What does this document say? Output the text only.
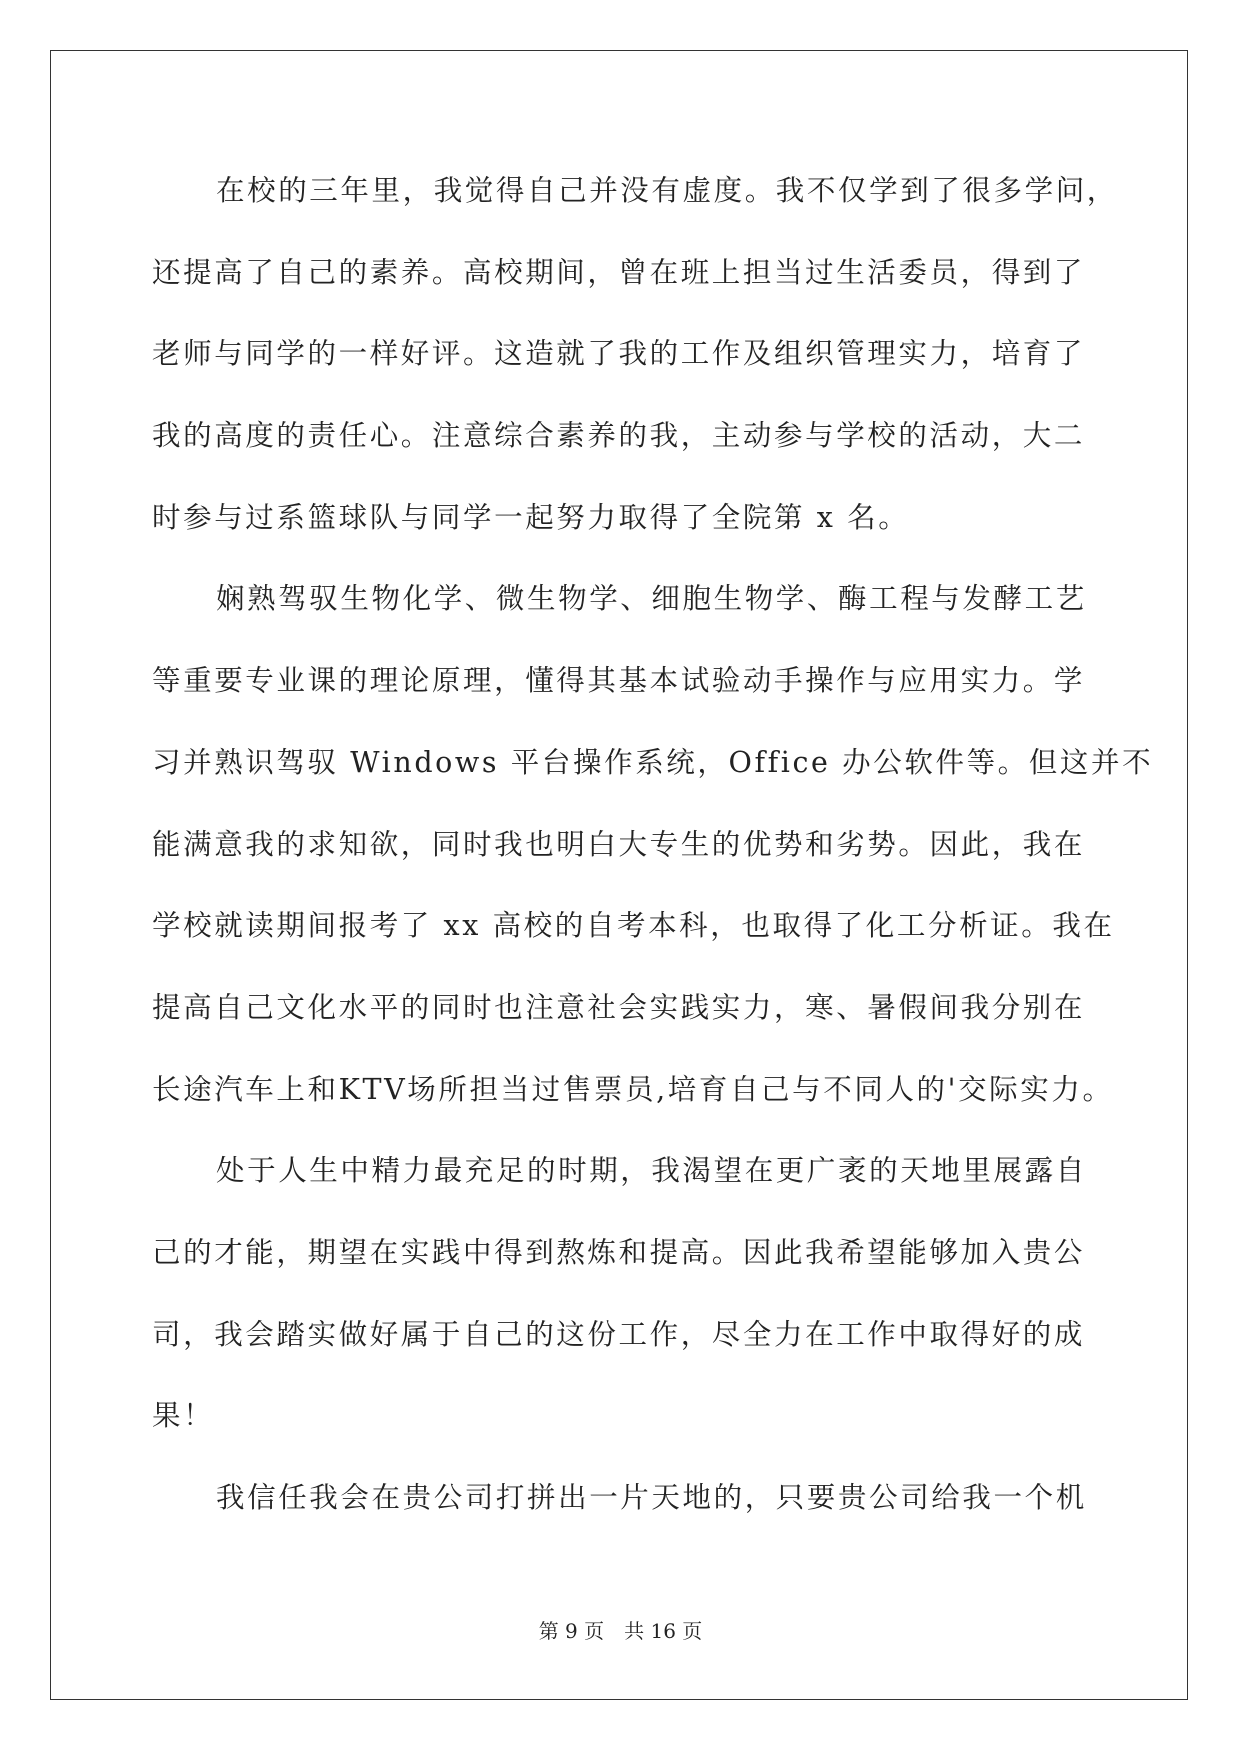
在校的三年里，我觉得自己并没有虚度。我不仅学到了很多学问，
还提高了自己的素养。高校期间，曾在班上担当过生活委员，得到了
老师与同学的一样好评。这造就了我的工作及组织管理实力，培育了
我的高度的责任心。注意综合素养的我，主动参与学校的活动，大二
时参与过系篮球队与同学一起努力取得了全院第 x 名。
娴熟驾驭生物化学、微生物学、细胞生物学、酶工程与发酵工艺
等重要专业课的理论原理，懂得其基本试验动手操作与应用实力。学
习并熟识驾驭 Windows 平台操作系统，Office 办公软件等。但这并不
能满意我的求知欲，同时我也明白大专生的优势和劣势。因此，我在
学校就读期间报考了 xx 高校的自考本科，也取得了化工分析证。我在
提高自己文化水平的同时也注意社会实践实力，寒、暑假间我分别在
长途汽车上和KTV场所担当过售票员,培育自己与不同人的'交际实力。
处于人生中精力最充足的时期，我渴望在更广袤的天地里展露自
己的才能，期望在实践中得到熬炼和提高。因此我希望能够加入贵公
司，我会踏实做好属于自己的这份工作，尽全力在工作中取得好的成
果！
我信任我会在贵公司打拼出一片天地的，只要贵公司给我一个机
第 9 页　共 16 页
